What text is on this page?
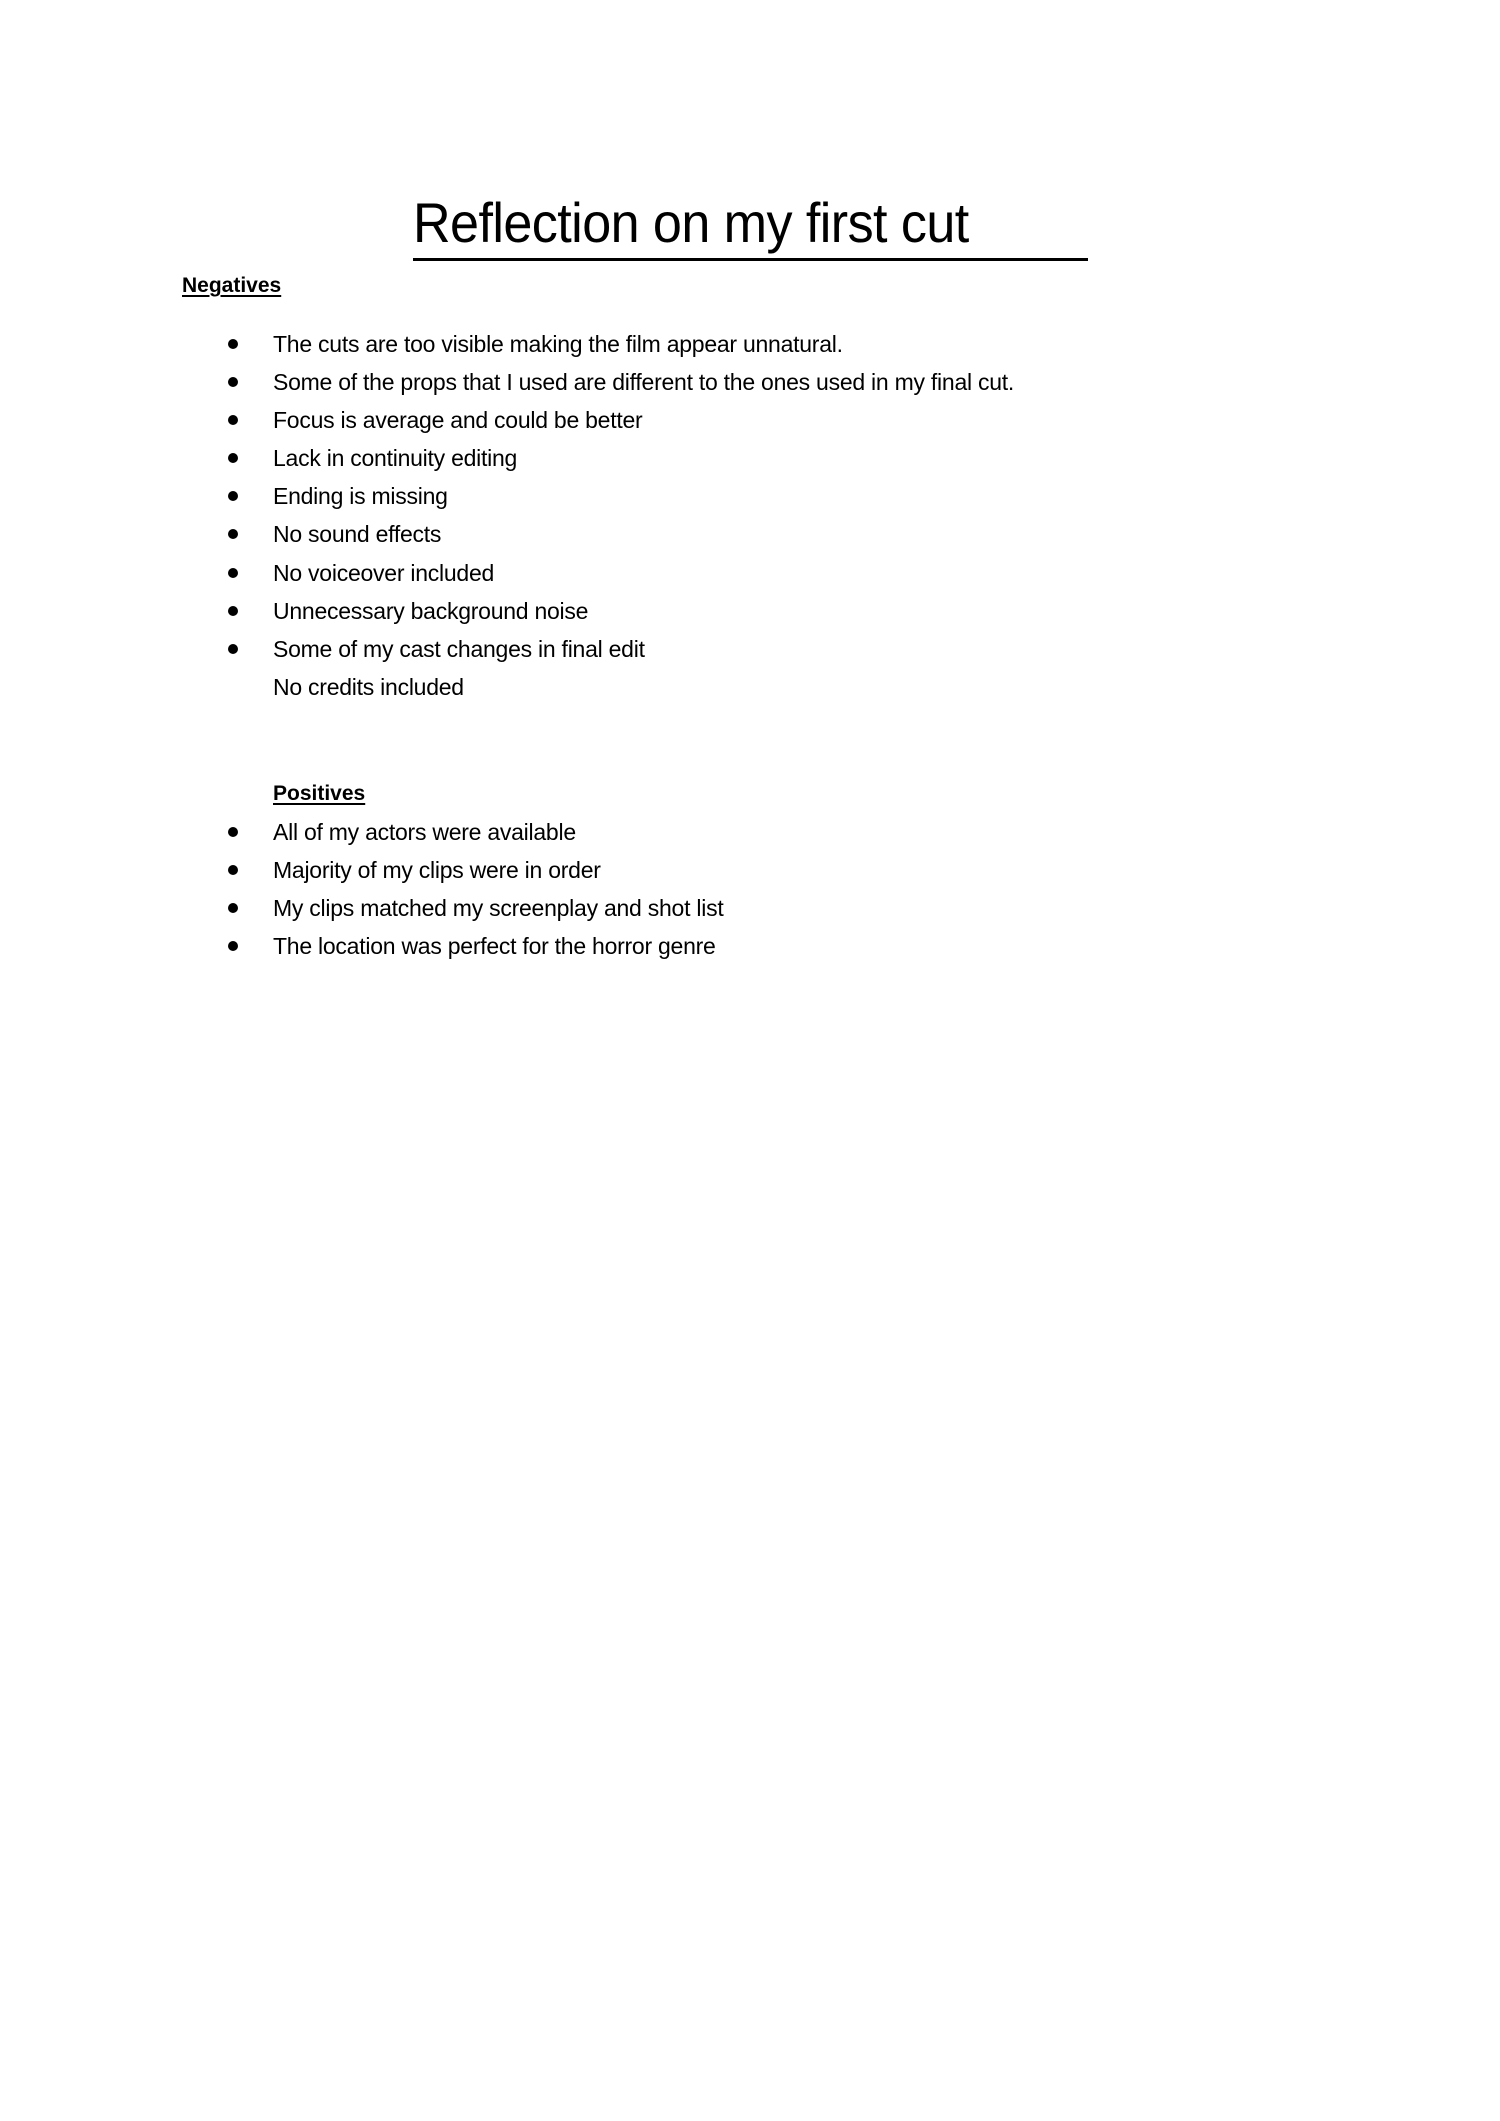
Reflection on my first cut
Negatives
The cuts are too visible making the film appear unnatural.
Some of the props that I used are different to the ones used in my final cut.
Focus is average and could be better
Lack in continuity editing
Ending is missing
No sound effects
No voiceover included
Unnecessary background noise
Some of my cast changes in final edit
No credits included
Positives
All of my actors were available
Majority of my clips were in order
My clips matched my screenplay and shot list
The location was perfect for the horror genre
